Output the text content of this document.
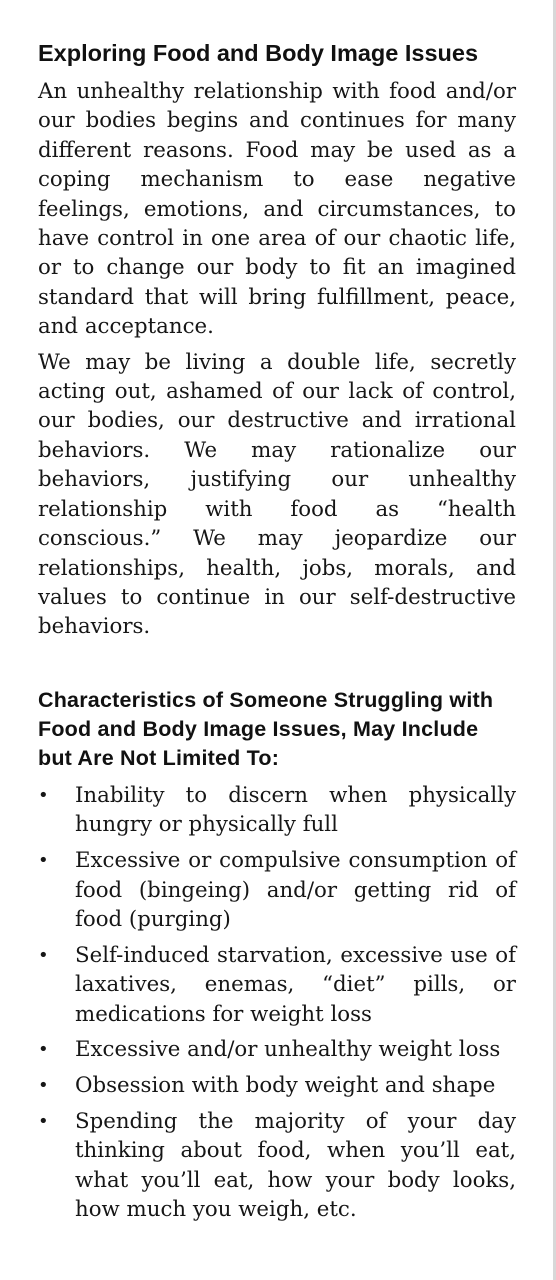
Exploring Food and Body Image Issues

An unhealthy relationship with food and/or our bodies begins and continues for many different reasons. Food may be used as a coping mechanism to ease negative feelings, emotions, and circumstances, to have control in one area of our chaotic life, or to change our body to fit an imagined standard that will bring fulfillment, peace, and acceptance.

We may be living a double life, secretly acting out, ashamed of our lack of control, our bodies, our destructive and irrational behaviors. We may rationalize our behaviors, justifying our unhealthy relationship with food as “health conscious.” We may jeopardize our relationships, health, jobs, morals, and values to continue in our self-destructive behaviors.

Characteristics of Someone Struggling with Food and Body Image Issues, May Include but Are Not Limited To:
• Inability to discern when physically hungry or physically full
• Excessive or compulsive consumption of food (bingeing) and/or getting rid of food (purging)
• Self-induced starvation, excessive use of laxatives, enemas, “diet” pills, or medications for weight loss
• Excessive and/or unhealthy weight loss
• Obsession with body weight and shape
• Spending the majority of your day thinking about food, when you’ll eat, what you’ll eat, how your body looks, how much you weigh, etc.
